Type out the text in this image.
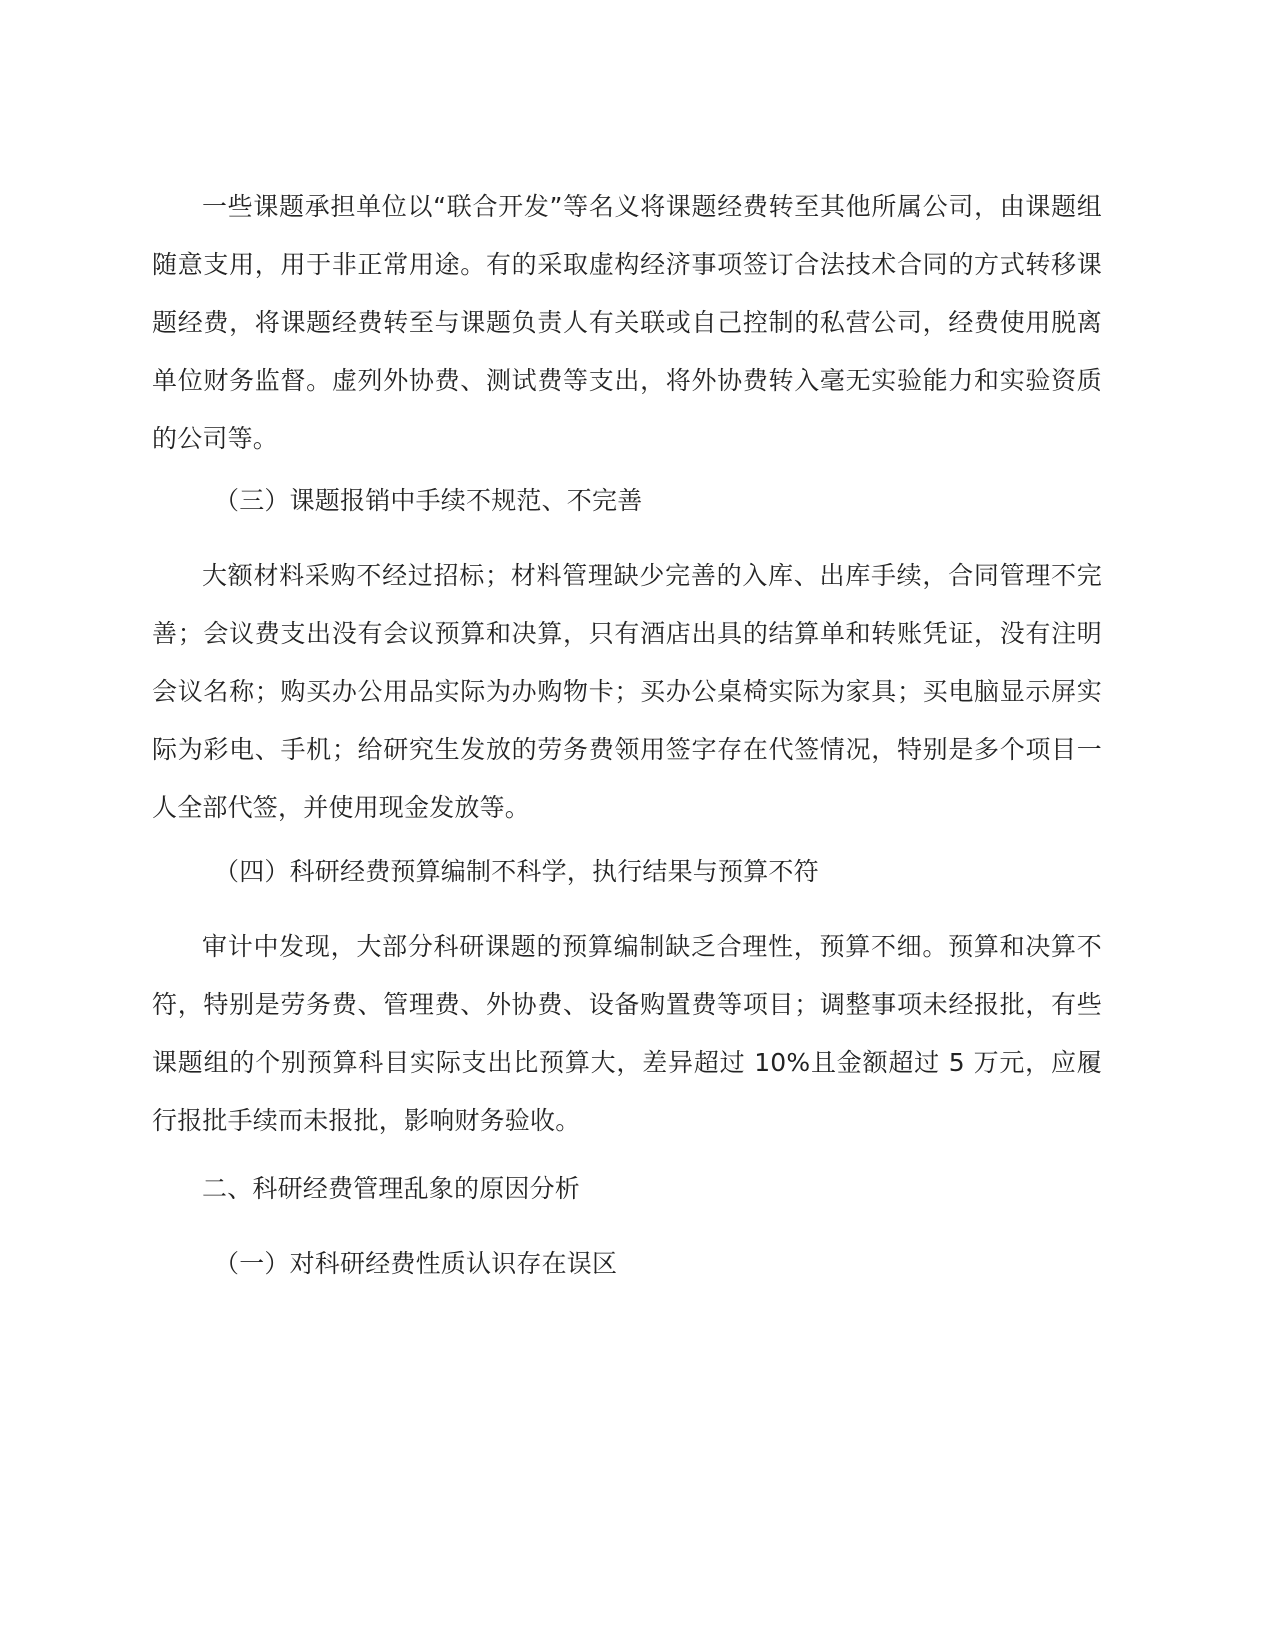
一些课题承担单位以“联合开发”等名义将课题经费转至其他所属公司，由课题组随意支用，用于非正常用途。有的采取虚构经济事项签订合法技术合同的方式转移课题经费，将课题经费转至与课题负责人有关联或自己控制的私营公司，经费使用脱离单位财务监督。虚列外协费、测试费等支出，将外协费转入毫无实验能力和实验资质的公司等。

（三）课题报销中手续不规范、不完善

大额材料采购不经过招标；材料管理缺少完善的入库、出库手续，合同管理不完善；会议费支出没有会议预算和决算，只有酒店出具的结算单和转账凭证，没有注明会议名称；购买办公用品实际为办购物卡；买办公桌椅实际为家具；买电脑显示屏实际为彩电、手机；给研究生发放的劳务费领用签字存在代签情况，特别是多个项目一人全部代签，并使用现金发放等。

（四）科研经费预算编制不科学，执行结果与预算不符

审计中发现，大部分科研课题的预算编制缺乏合理性，预算不细。预算和决算不符，特别是劳务费、管理费、外协费、设备购置费等项目；调整事项未经报批，有些课题组的个别预算科目实际支出比预算大，差异超过 10%且金额超过 5 万元，应履行报批手续而未报批，影响财务验收。

二、科研经费管理乱象的原因分析

（一）对科研经费性质认识存在误区
